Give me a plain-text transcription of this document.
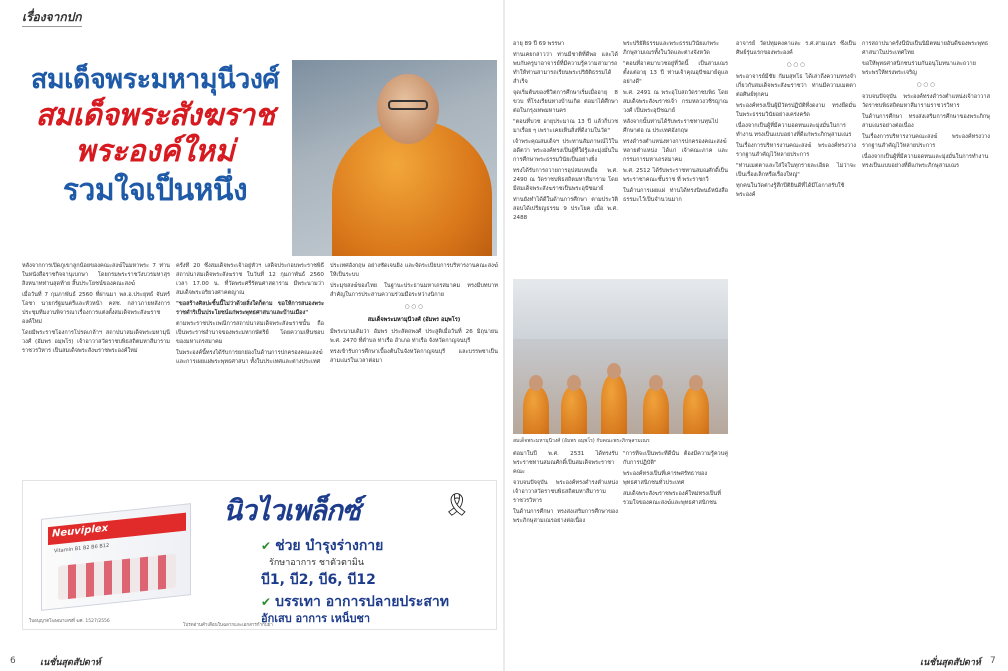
เรื่องจากปก
สมเด็จพระมหามุนีวงศ์
สมเด็จพระสังฆราช
พระองค์ใหม่
รวมใจเป็นหนึ่ง

หลังจากการเปิดภูเขาลูกน้อยของคณะสงฆ์ในมหาพระ 7 ท่านในหนังสือราชกิจจานุเบกษา โดยกรมพระราชวังบวรมหาสุรสิงหนาทท่านสุดท้าย สิ้นประโยชน์ของคณะสงฆ์

เมื่อวันที่ 7 กุมภาพันธ์ 2560 ที่ผ่านมา พล.อ.ประยุทธ์ จันทร์โอชา นายกรัฐมนตรีและหัวหน้า คสช. กล่าวภายหลังการประชุมทีมงานพิจารณาเรื่องการแต่งตั้งสมเด็จพระสังฆราชองค์ใหม่

โดยมีพระราชโองการโปรดเกล้าฯ สถาปนาสมเด็จพระมหามุนีวงศ์ (อัมพร อมฺพโร) เจ้าอาวาสวัดราชบพิธสถิตมหาสีมารามราชวรวิหาร เป็นสมเด็จพระสังฆราชพระองค์ใหม่

ครั้งที่ 20 ซึ่งสมเด็จพระเจ้าอยู่หัวฯ เสด็จประกอบพระราชพิธีสถาปนาสมเด็จพระสังฆราช ในวันที่ 12 กุมภาพันธ์ 2560 เวลา 17.00 น. ที่วัดพระศรีรัตนศาสดาราม มีพระนามว่า สมเด็จพระอริยวงศาคตญาณ

"ขอสร้างศิลปะชิ้นนี้ไม่ว่าด้วยสิ่งใดก็ตาม ขอให้การสนองพระราชดำริเป็นประโยชน์แก่พระพุทธศาสนาและบ้านเมือง"

ตามพระราชประเพณีการสถาปนาสมเด็จพระสังฆราชนั้น ถือเป็นพระราชอำนาจของพระมหากษัตริย์ โดยความเห็นชอบของมหาเถรสมาคม

ในพระองค์นี้ทรงได้รับการยกย่องในด้านการปกครองคณะสงฆ์และการเผยแผ่พระพุทธศาสนา ทั้งในประเทศและต่างประเทศ

ประเทศอังกฤษ อย่างชัดเจนยิ่ง และจัดระเบียบการบริหารงานคณะสงฆ์ให้เป็นระบบ

ประมุขสงฆ์ของไทย ในฐานะประธานมหาเถรสมาคม ทรงมีบทบาทสำคัญในการประสานความร่วมมือระหว่างนิกาย

○ ○ ○
สมเด็จพระมหามุนีวงศ์ (อัมพร อมฺพโร)

มีพระนามเดิมว่า อัมพร ประสัตถพงศ์ ประสูติเมื่อวันที่ 26 มิถุนายน พ.ศ. 2470 ที่ตำบล ท่าเรือ อำเภอ ท่าเรือ จังหวัดกาญจนบุรี

ทรงเข้ารับการศึกษาเบื้องต้นในจังหวัดกาญจนบุรี และบรรพชาเป็นสามเณรในเวลาต่อมา

Neuviplex
Vitamin B1 B2 B6 B12
นิวไวเพล็กซ์	🎗
✔ ช่วย บำรุงร่างกาย
รักษาอาการ ชาตัวตามิน
บี1, บี2, บี6, บี12
✔ บรรเทา อาการปลายประสาท
อักเสบ อาการ เหน็บชา
ใบอนุญาตโฆษณาเลขที่ ฆศ. 1527/2556
โปรดอ่านคำเตือนในฉลากและเอกสารกำกับยา

อายุ 89 ปี 69 พรรษา

ท่านเคยกล่าวว่า ท่านมีชาติที่ดีพอ และได้พบกับครูบาอาจารย์ที่มีความรู้ความสามารถ ทำให้ท่านสามารถเรียนพระปริยัติธรรมได้สำเร็จ

จุดเริ่มต้นของชีวิตการศึกษาเริ่มเมื่ออายุ 8 ขวบ ที่โรงเรียนทางบ้านเกิด ต่อมาได้ศึกษาต่อในกรุงเทพมหานคร

"ตอนที่บวช อายุประมาณ 13 ปี แล้วก็บวชมาเรื่อย ๆ เพราะเคยเห็นสิ่งที่ดีงามในวัด"

เจ้าพระคุณสมเด็จฯ ประทานสัมภาษณ์ไว้ในอดีตว่า พระองค์ทรงเป็นผู้ที่ใฝ่รู้และมุ่งมั่นในการศึกษาพระธรรมวินัยเป็นอย่างยิ่ง

ทรงได้รับการถวายการอุปสมบทเมื่อ พ.ศ. 2490 ณ วัดราชบพิธสถิตมหาสีมาราม โดยมีสมเด็จพระสังฆราชเป็นพระอุปัชฌาย์

ท่านยังทำได้ดีในด้านการศึกษา ตามประวัติสอบได้เปรียญธรรม 9 ประโยค เมื่อ พ.ศ. 2488

พระปริยัติธรรมและพระธรรมวินัยแก่พระภิกษุสามเณรทั้งในวัดและต่างจังหวัด

"ตอนที่อาตมาบวชอยู่ที่วัดนี้ เป็นสามเณรตั้งแต่อายุ 13 ปี ท่านเจ้าคุณอุปัชฌาย์ดูแลอย่างดี"

พ.ศ. 2491 ณ พระอุโบสถวัดราชบพิธ โดยสมเด็จพระสังฆราชเจ้า กรมหลวงวชิรญาณวงศ์ เป็นพระอุปัชฌาย์

หลังจากนั้นท่านได้รับพระราชทานทุนไปศึกษาต่อ ณ ประเทศอังกฤษ

ทรงดำรงตำแหน่งทางการปกครองคณะสงฆ์หลายตำแหน่ง ได้แก่ เจ้าคณะภาค และกรรมการมหาเถรสมาคม

พ.ศ. 2512 ได้รับพระราชทานสมณศักดิ์เป็นพระราชาคณะชั้นราช ที่ พระราชกวี

ในด้านการเผยแผ่ ท่านได้ทรงนิพนธ์หนังสือธรรมะไว้เป็นจำนวนมาก

สมเด็จพระมหามุนีวงศ์ (อัมพร อมฺพโร) กับคณะพระภิกษุสามเณร

ต่อมาในปี พ.ศ. 2531 ได้ทรงรับพระราชทานสมณศักดิ์เป็นสมเด็จพระราชาคณะ

จวบจนปัจจุบัน พระองค์ทรงดำรงตำแหน่งเจ้าอาวาสวัดราชบพิธสถิตมหาสีมารามราชวรวิหาร

ในด้านการศึกษา ทรงส่งเสริมการศึกษาของพระภิกษุสามเณรอย่างต่อเนื่อง

"การที่จะเป็นพระที่ดีนั้น ต้องมีความรู้ควบคู่กับการปฏิบัติ"

พระองค์ทรงเป็นที่เคารพศรัทธาของพุทธศาสนิกชนทั่วประเทศ

สมเด็จพระสังฆราชพระองค์ใหม่ทรงเป็นที่รวมใจของคณะสงฆ์และพุทธศาสนิกชน

อาจารย์ วัดปทุมคงคาและ ร.ศ.สามเณร ซึ่งเป็นศิษย์รุ่นแรกของพระองค์

○ ○ ○

พระอาจารย์มีชัย กัมมสุทโธ ได้เล่าถึงความทรงจำเกี่ยวกับสมเด็จพระสังฆราชว่า ท่านมีความเมตตาต่อศิษย์ทุกคน

พระองค์ทรงเป็นผู้มีวัตรปฏิบัติที่งดงาม ทรงยึดมั่นในพระธรรมวินัยอย่างเคร่งครัด

เนื่องจากเป็นผู้ที่มีความอดทนและมุ่งมั่นในการทำงาน ทรงเป็นแบบอย่างที่ดีแก่พระภิกษุสามเณร

ในเรื่องการบริหารงานคณะสงฆ์ พระองค์ทรงวางรากฐานสำคัญไว้หลายประการ

"ท่านเมตตาและใส่ใจในทุกรายละเอียด ไม่ว่าจะเป็นเรื่องเล็กหรือเรื่องใหญ่"

ทุกคนในวัดต่างรู้สึกปีติยินดีที่ได้มีโอกาสรับใช้พระองค์

การสถาปนาครั้งนี้นับเป็นนิมิตหมายอันดีของพระพุทธศาสนาในประเทศไทย

ขอให้พุทธศาสนิกชนร่วมกันอนุโมทนาและถวายพระพรให้ทรงพระเจริญ

○ ○ ○

จวบจนปัจจุบัน พระองค์ทรงดำรงตำแหน่งเจ้าอาวาสวัดราชบพิธสถิตมหาสีมารามราชวรวิหาร

ในด้านการศึกษา ทรงส่งเสริมการศึกษาของพระภิกษุสามเณรอย่างต่อเนื่อง

ในเรื่องการบริหารงานคณะสงฆ์ พระองค์ทรงวางรากฐานสำคัญไว้หลายประการ

เนื่องจากเป็นผู้ที่มีความอดทนและมุ่งมั่นในการทำงาน ทรงเป็นแบบอย่างที่ดีแก่พระภิกษุสามเณร

6	เนชั่นสุดสัปดาห์	เนชั่นสุดสัปดาห์ 7
